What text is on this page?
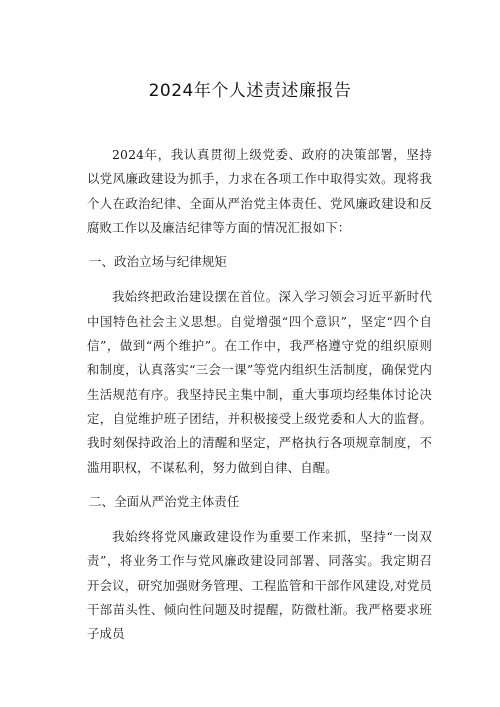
2024年个人述责述廉报告

2024年，我认真贯彻上级党委、政府的决策部署，坚持以党风廉政建设为抓手，力求在各项工作中取得实效。现将我个人在政治纪律、全面从严治党主体责任、党风廉政建设和反腐败工作以及廉洁纪律等方面的情况汇报如下：

一、政治立场与纪律规矩

我始终把政治建设摆在首位。深入学习领会习近平新时代中国特色社会主义思想。自觉增强“四个意识”，坚定“四个自信”，做到“两个维护”。在工作中，我严格遵守党的组织原则和制度，认真落实“三会一课”等党内组织生活制度，确保党内生活规范有序。我坚持民主集中制，重大事项均经集体讨论决定，自觉维护班子团结，并积极接受上级党委和人大的监督。我时刻保持政治上的清醒和坚定，严格执行各项规章制度，不滥用职权，不谋私利，努力做到自律、自醒。

二、全面从严治党主体责任

我始终将党风廉政建设作为重要工作来抓，坚持“一岗双责”，将业务工作与党风廉政建设同部署、同落实。我定期召开会议，研究加强财务管理、工程监管和干部作风建设,对党员干部苗头性、倾向性问题及时提醒，防微杜渐。我严格要求班子成员
